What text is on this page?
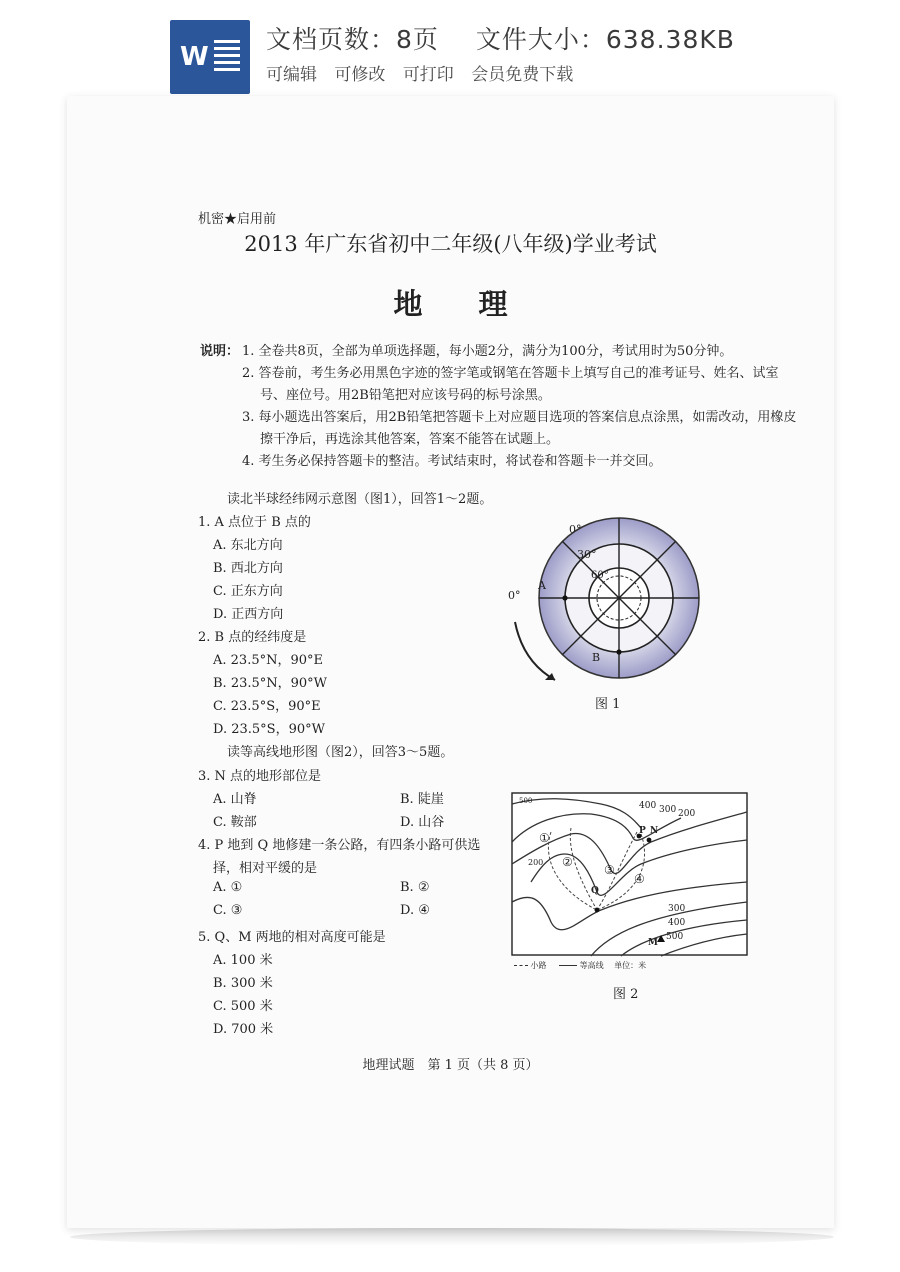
W
文档页数：8页 文件大小：638.38KB
可编辑 可修改 可打印 会员免费下载
机密★启用前
2013 年广东省初中二年级(八年级)学业考试
地理
说明： 1. 全卷共8页，全部为单项选择题，每小题2分，满分为100分，考试用时为50分钟。
2. 答卷前，考生务必用黑色字迹的签字笔或钢笔在答题卡上填写自己的准考证号、姓名、试室号、座位号。用2B铅笔把对应该号码的标号涂黑。
3. 每小题选出答案后，用2B铅笔把答题卡上对应题目选项的答案信息点涂黑，如需改动，用橡皮擦干净后，再选涂其他答案，答案不能答在试题上。
4. 考生务必保持答题卡的整洁。考试结束时，将试卷和答题卡一并交回。
读北半球经纬网示意图（图1），回答1～2题。
1. A 点位于 B 点的
A. 东北方向
B. 西北方向
C. 正东方向
D. 正西方向
2. B 点的经纬度是
A. 23.5°N，90°E
B. 23.5°N，90°W
C. 23.5°S，90°E
D. 23.5°S，90°W
读等高线地形图（图2），回答3～5题。
3. N 点的地形部位是
A. 山脊	B. 陡崖
C. 鞍部	D. 山谷
4. P 地到 Q 地修建一条公路，有四条小路可供选
择，相对平缓的是
A. ①	B. ②
C. ③	D. ④
5. Q、M 两地的相对高度可能是
A. 100 米
B. 300 米
C. 500 米
D. 700 米
0°
30°
60°
0°
A
B
图 1
500	400 300 200
200
300
400
500
①
②
③
④
P N
Q
M
小路	等高线 单位：米
图 2
地理试题　第 1 页（共 8 页）
